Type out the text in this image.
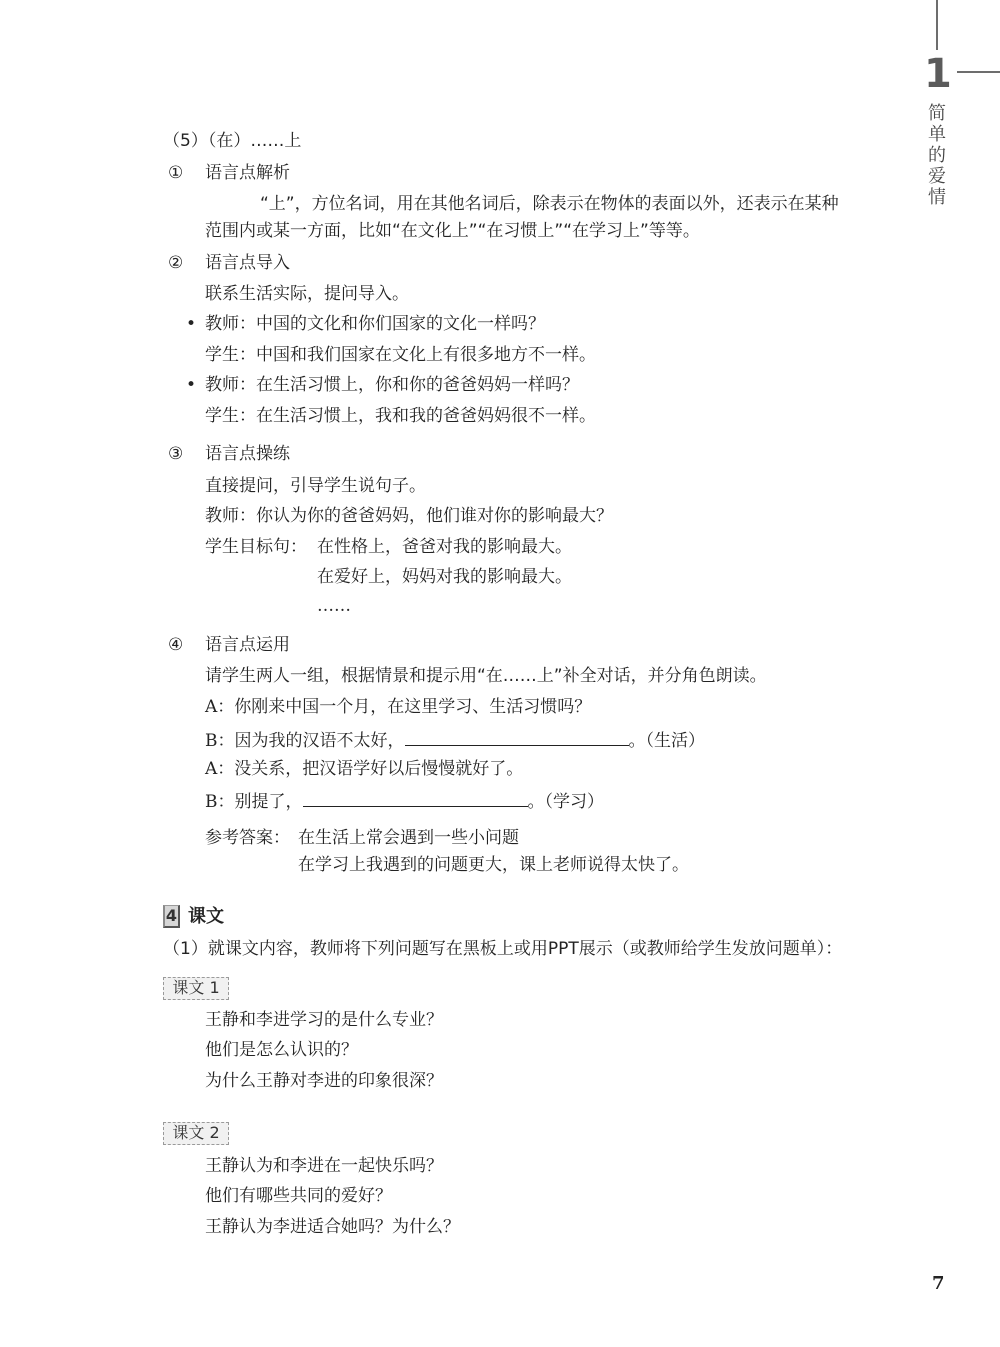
1
简单的爱情
（5）（在）……上
① 语言点解析
“上”，方位名词，用在其他名词后，除表示在物体的表面以外，还表示在某种
范围内或某一方面，比如“在文化上”“在习惯上”“在学习上”等等。
② 语言点导入
联系生活实际，提问导入。
• 教师：中国的文化和你们国家的文化一样吗？
学生：中国和我们国家在文化上有很多地方不一样。
• 教师：在生活习惯上，你和你的爸爸妈妈一样吗？
学生：在生活习惯上，我和我的爸爸妈妈很不一样。
③ 语言点操练
直接提问，引导学生说句子。
教师：你认为你的爸爸妈妈，他们谁对你的影响最大？
学生目标句： 在性格上，爸爸对我的影响最大。
在爱好上，妈妈对我的影响最大。
……
④ 语言点运用
请学生两人一组，根据情景和提示用“在……上”补全对话，并分角色朗读。
A：你刚来中国一个月，在这里学习、生活习惯吗？
B：因为我的汉语不太好，	。（生活）
A：没关系，把汉语学好以后慢慢就好了。
B：别提了，	。（学习）
参考答案： 在生活上常会遇到一些小问题
在学习上我遇到的问题更大，课上老师说得太快了。
4 课文
（1）就课文内容，教师将下列问题写在黑板上或用PPT展示（或教师给学生发放问题单）：
课文 1
王静和李进学习的是什么专业？
他们是怎么认识的？
为什么王静对李进的印象很深？
课文 2
王静认为和李进在一起快乐吗？
他们有哪些共同的爱好？
王静认为李进适合她吗？为什么？
7
